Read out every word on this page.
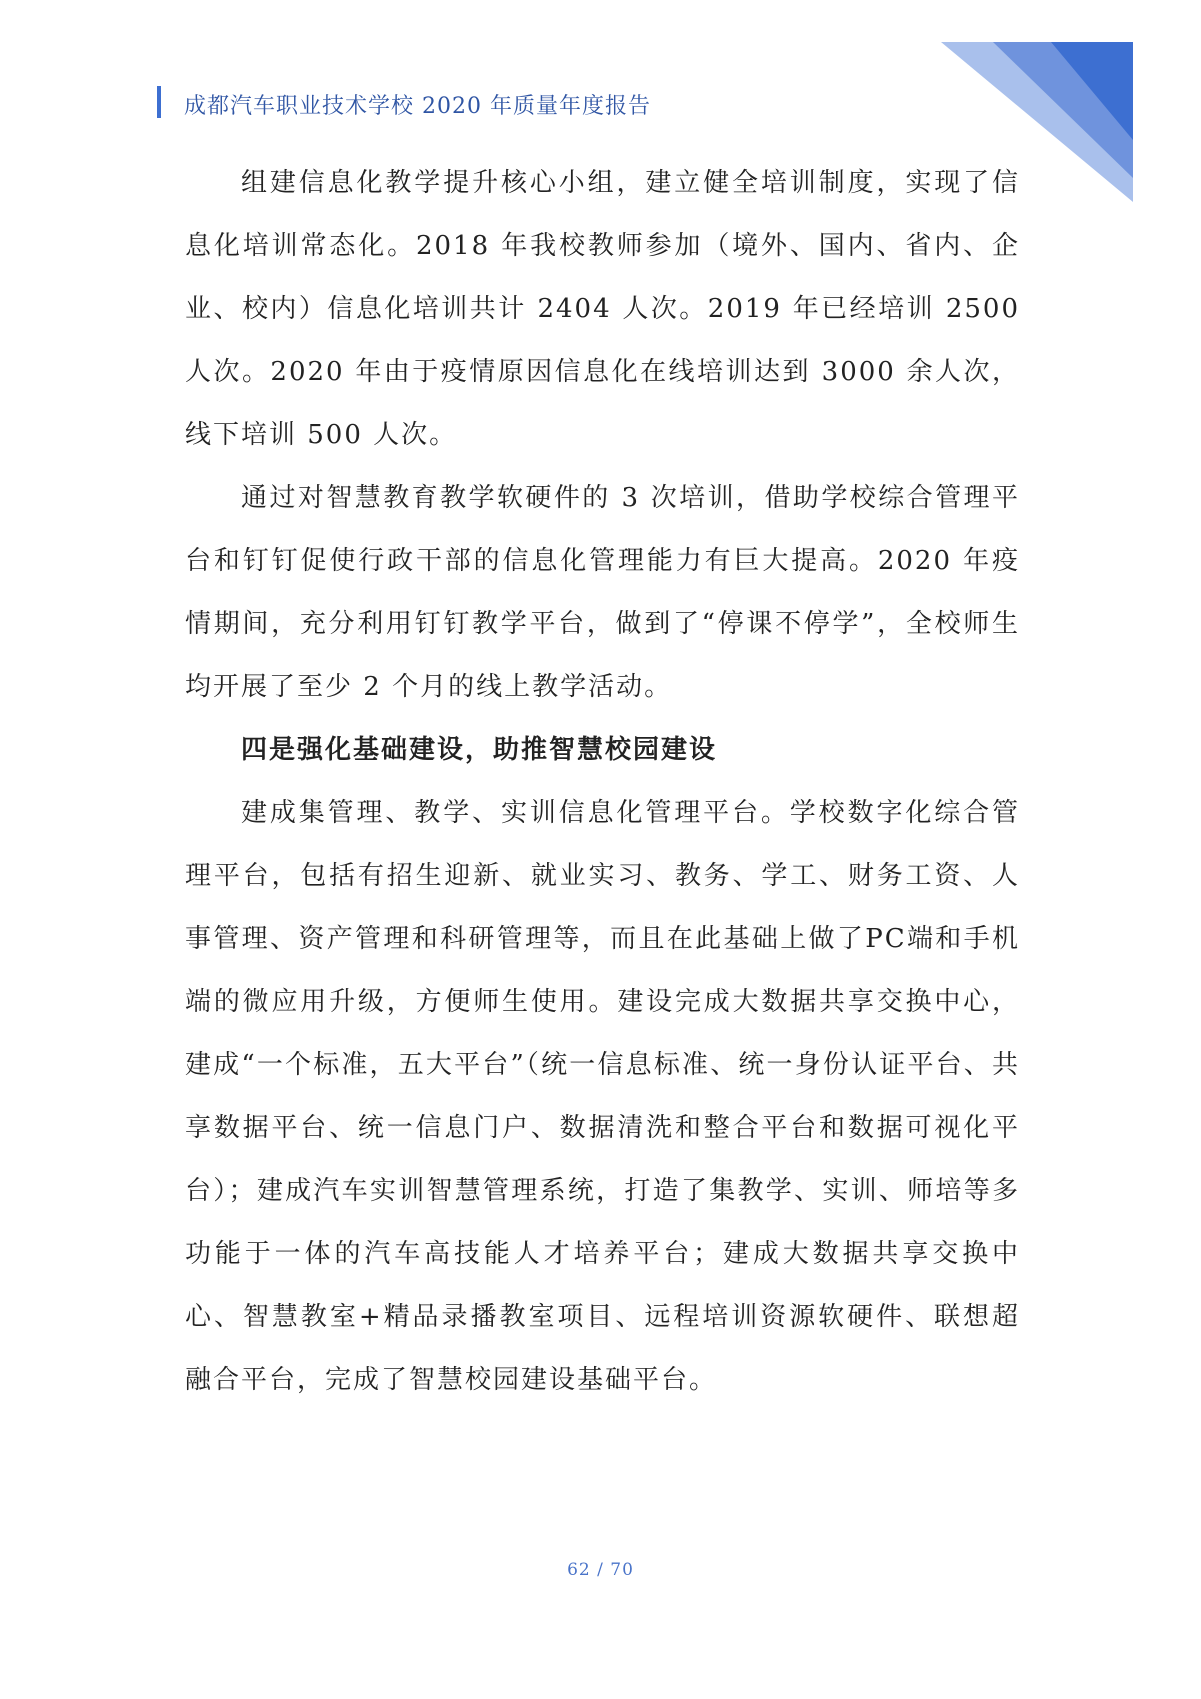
成都汽车职业技术学校 2020 年质量年度报告

组建信息化教学提升核心小组，建立健全培训制度，实现了信息化培训常态化。2018 年我校教师参加（境外、国内、省内、企业、校内）信息化培训共计 2404 人次。2019 年已经培训 2500 人次。2020 年由于疫情原因信息化在线培训达到 3000 余人次，线下培训 500 人次。

通过对智慧教育教学软硬件的 3 次培训，借助学校综合管理平台和钉钉促使行政干部的信息化管理能力有巨大提高。2020 年疫情期间，充分利用钉钉教学平台，做到了“停课不停学”，全校师生均开展了至少 2 个月的线上教学活动。

四是强化基础建设，助推智慧校园建设

建成集管理、教学、实训信息化管理平台。学校数字化综合管理平台，包括有招生迎新、就业实习、教务、学工、财务工资、人事管理、资产管理和科研管理等，而且在此基础上做了PC端和手机端的微应用升级，方便师生使用。建设完成大数据共享交换中心，建成“一个标准，五大平台”（统一信息标准、统一身份认证平台、共享数据平台、统一信息门户、数据清洗和整合平台和数据可视化平台）；建成汽车实训智慧管理系统，打造了集教学、实训、师培等多功能于一体的汽车高技能人才培养平台；建成大数据共享交换中心、智慧教室+精品录播教室项目、远程培训资源软硬件、联想超融合平台，完成了智慧校园建设基础平台。

62 / 70
